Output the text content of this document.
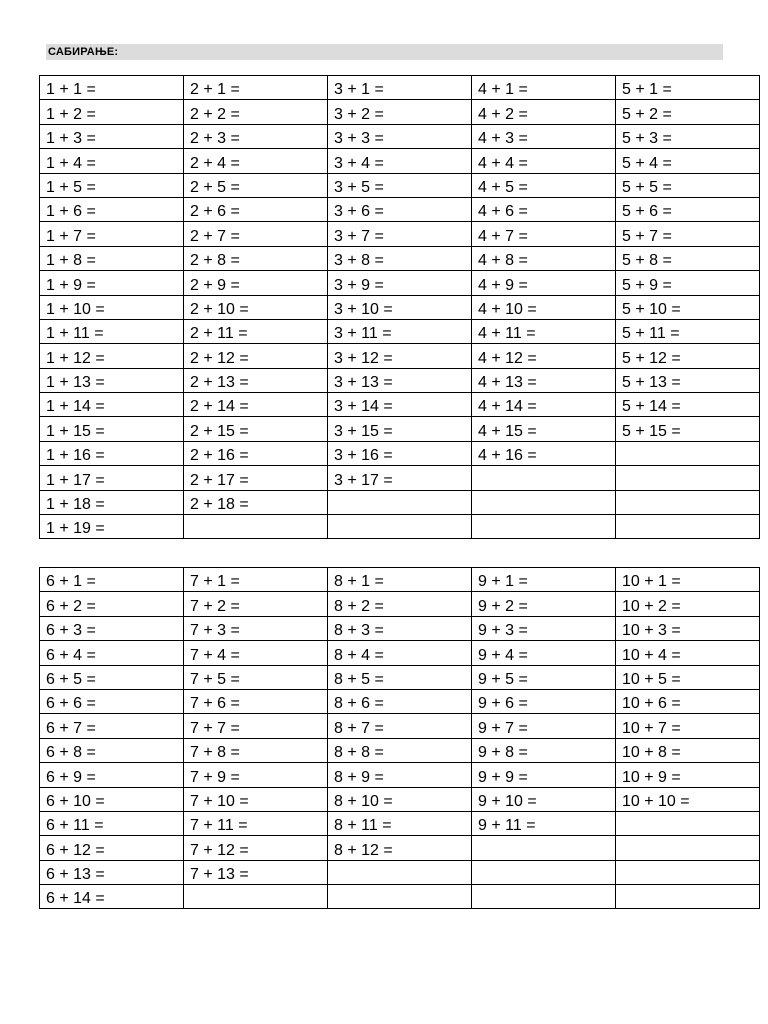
САБИРАЊЕ:
1 + 1 =	2 + 1 =	3 + 1 =	4 + 1 =	5 + 1 =
1 + 2 =	2 + 2 =	3 + 2 =	4 + 2 =	5 + 2 =
1 + 3 =	2 + 3 =	3 + 3 =	4 + 3 =	5 + 3 =
1 + 4 =	2 + 4 =	3 + 4 =	4 + 4 =	5 + 4 =
1 + 5 =	2 + 5 =	3 + 5 =	4 + 5 =	5 + 5 =
1 + 6 =	2 + 6 =	3 + 6 =	4 + 6 =	5 + 6 =
1 + 7 =	2 + 7 =	3 + 7 =	4 + 7 =	5 + 7 =
1 + 8 =	2 + 8 =	3 + 8 =	4 + 8 =	5 + 8 =
1 + 9 =	2 + 9 =	3 + 9 =	4 + 9 =	5 + 9 =
1 + 10 =	2 + 10 =	3 + 10 =	4 + 10 =	5 + 10 =
1 + 11 =	2 + 11 =	3 + 11 =	4 + 11 =	5 + 11 =
1 + 12 =	2 + 12 =	3 + 12 =	4 + 12 =	5 + 12 =
1 + 13 =	2 + 13 =	3 + 13 =	4 + 13 =	5 + 13 =
1 + 14 =	2 + 14 =	3 + 14 =	4 + 14 =	5 + 14 =
1 + 15 =	2 + 15 =	3 + 15 =	4 + 15 =	5 + 15 =
1 + 16 =	2 + 16 =	3 + 16 =	4 + 16 =	
1 + 17 =	2 + 17 =	3 + 17 =		
1 + 18 =	2 + 18 =			
1 + 19 =				
6 + 1 =	7 + 1 =	8 + 1 =	9 + 1 =	10 + 1 =
6 + 2 =	7 + 2 =	8 + 2 =	9 + 2 =	10 + 2 =
6 + 3 =	7 + 3 =	8 + 3 =	9 + 3 =	10 + 3 =
6 + 4 =	7 + 4 =	8 + 4 =	9 + 4 =	10 + 4 =
6 + 5 =	7 + 5 =	8 + 5 =	9 + 5 =	10 + 5 =
6 + 6 =	7 + 6 =	8 + 6 =	9 + 6 =	10 + 6 =
6 + 7 =	7 + 7 =	8 + 7 =	9 + 7 =	10 + 7 =
6 + 8 =	7 + 8 =	8 + 8 =	9 + 8 =	10 + 8 =
6 + 9 =	7 + 9 =	8 + 9 =	9 + 9 =	10 + 9 =
6 + 10 =	7 + 10 =	8 + 10 =	9 + 10 =	10 + 10 =
6 + 11 =	7 + 11 =	8 + 11 =	9 + 11 =	
6 + 12 =	7 + 12 =	8 + 12 =		
6 + 13 =	7 + 13 =			
6 + 14 =				
